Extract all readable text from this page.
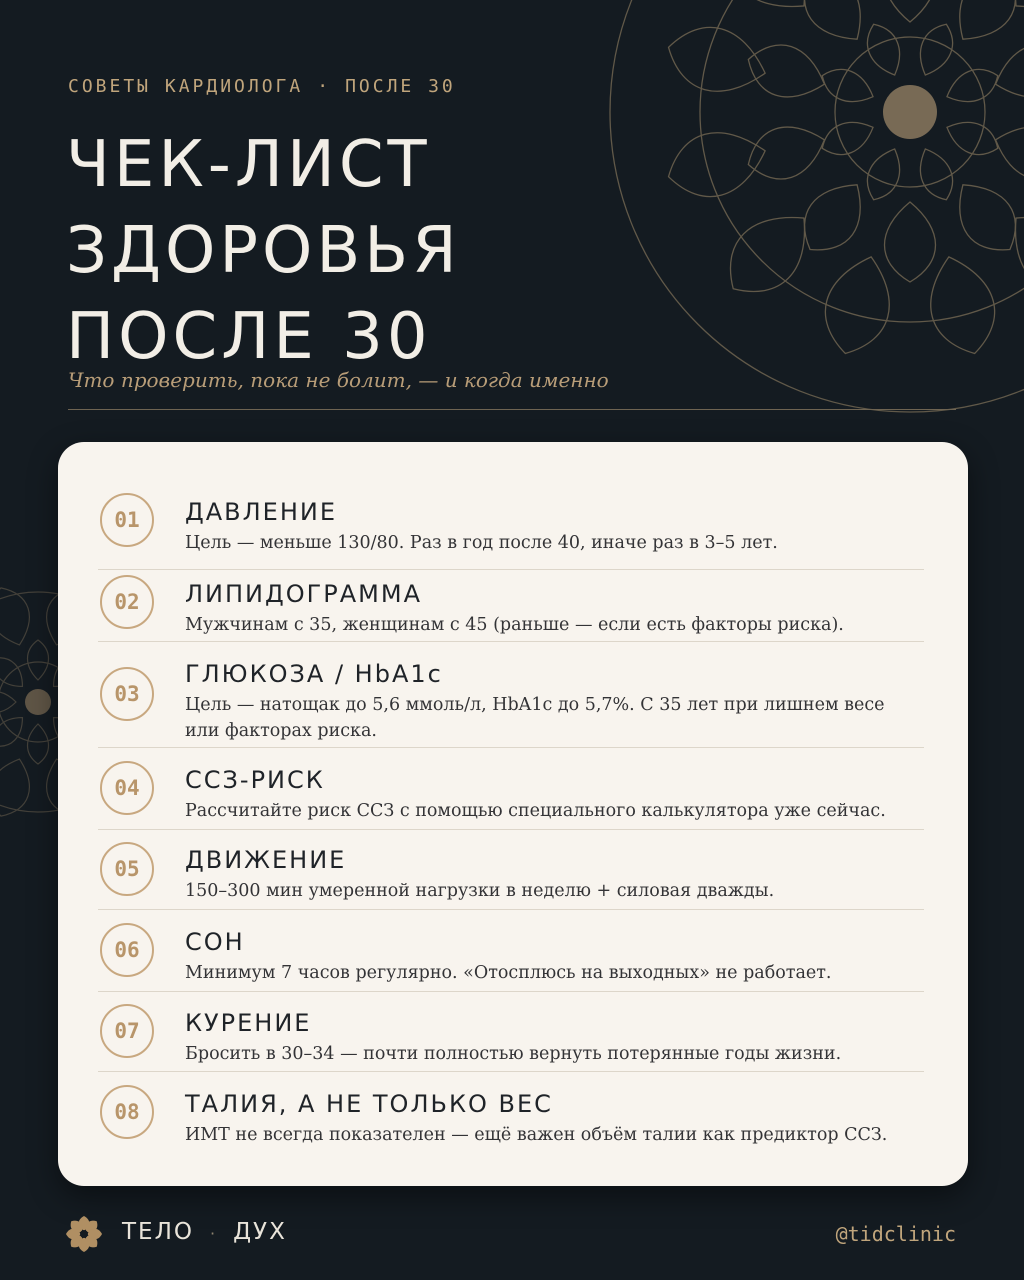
СОВЕТЫ КАРДИОЛОГА · ПОСЛЕ 30
ЧЕК-ЛИСТ
ЗДОРОВЬЯ
ПОСЛЕ 30
Что проверить, пока не болит, — и когда именно
01	ДАВЛЕНИЕ
Цель — меньше 130/80. Раз в год после 40, иначе раз в 3–5 лет.
02	ЛИПИДОГРАММА
Мужчинам с 35, женщинам с 45 (раньше — если есть факторы риска).
03
ГЛЮКОЗА / HbA1c
Цель — натощак до 5,6 ммоль/л, HbA1c до 5,7%. С 35 лет при лишнем весе или факторах риска.
04	ССЗ-РИСК
Рассчитайте риск ССЗ с помощью специального калькулятора уже сейчас.
05	ДВИЖЕНИЕ
150–300 мин умеренной нагрузки в неделю + силовая дважды.
06	СОН
Минимум 7 часов регулярно. «Отосплюсь на выходных» не работает.
07	КУРЕНИЕ
Бросить в 30–34 — почти полностью вернуть потерянные годы жизни.
08	ТАЛИЯ, А НЕ ТОЛЬКО ВЕС
ИМТ не всегда показателен — ещё важен объём талии как предиктор ССЗ.
ТЕЛО · ДУХ	@tidclinic
